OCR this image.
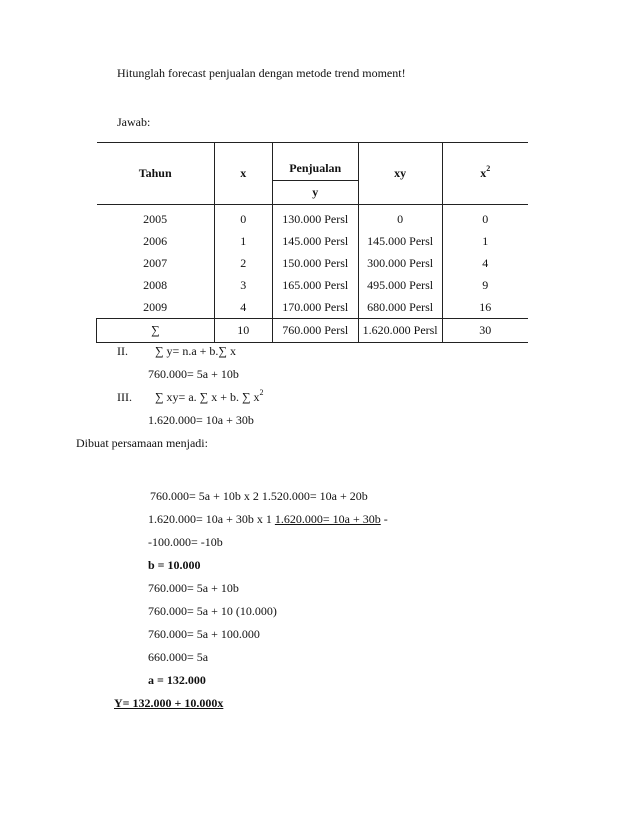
Hitunglah forecast penjualan dengan metode trend moment!
Jawab:
Tahun	x	Penjualan	xy	$x^2$
		y		
2005	0	130.000 Persl	0	0
2006	1	145.000 Persl	145.000 Persl	1
2007	2	150.000 Persl	300.000 Persl	4
2008	3	165.000 Persl	495.000 Persl	9
2009	4	170.000 Persl	680.000 Persl	16
∑	10	760.000 Persl	1.620.000 Persl	30
II. ∑ y= n.a + b.∑ x
760.000= 5a + 10b
III. ∑ xy= a. ∑ x + b. ∑ $x^2$
1.620.000= 10a + 30b
Dibuat persamaan menjadi:
760.000= 5a + 10b x 2 1.520.000= 10a + 20b
1.620.000= 10a + 30b x 1 1.620.000= 10a + 30b -
-100.000= -10b
b = 10.000
760.000= 5a + 10b
760.000= 5a + 10 (10.000)
760.000= 5a + 100.000
660.000= 5a
a = 132.000
Y= 132.000 + 10.000x
